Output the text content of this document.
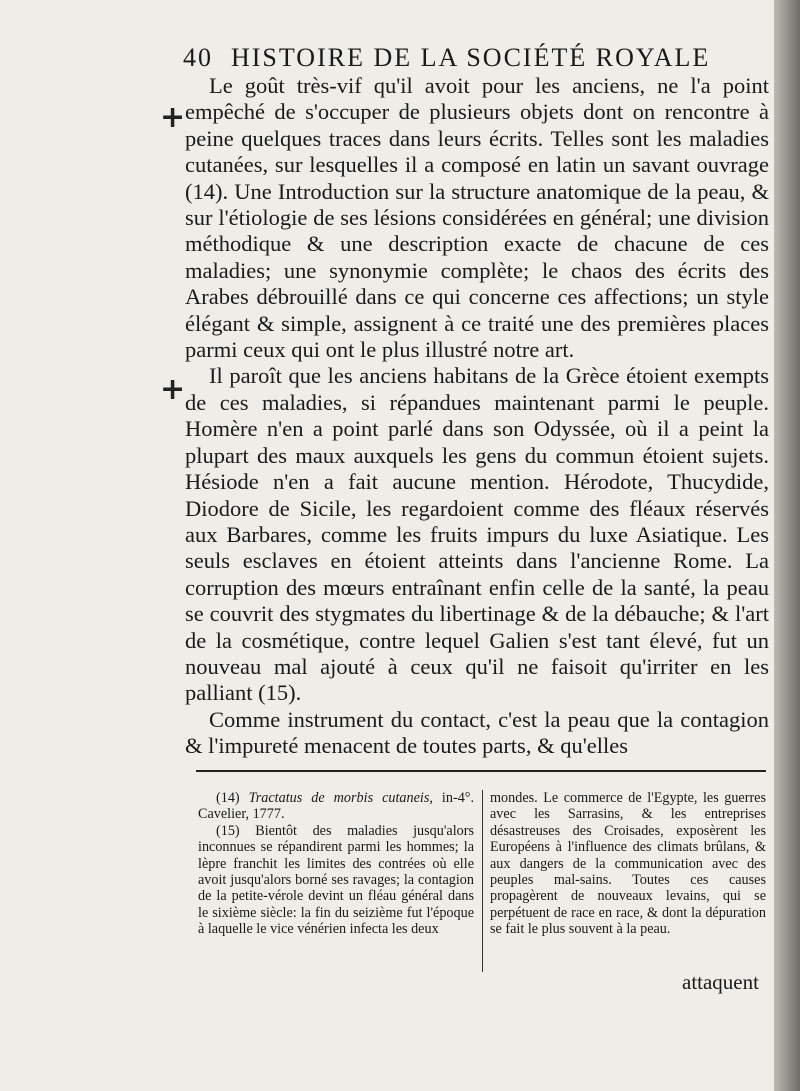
40 HISTOIRE DE LA SOCIÉTÉ ROYALE
+
+

Le goût très-vif qu'il avoit pour les anciens, ne l'a point empêché de s'occuper de plusieurs objets dont on rencontre à peine quelques traces dans leurs écrits. Telles sont les maladies cutanées, sur lesquelles il a composé en latin un savant ouvrage (14). Une Introduction sur la structure anatomique de la peau, & sur l'étiologie de ses lésions considérées en général; une division méthodique & une description exacte de chacune de ces maladies; une synonymie complète; le chaos des écrits des Arabes débrouillé dans ce qui concerne ces affections; un style élégant & simple, assignent à ce traité une des premières places parmi ceux qui ont le plus illustré notre art.

Il paroît que les anciens habitans de la Grèce étoient exempts de ces maladies, si répandues maintenant parmi le peuple. Homère n'en a point parlé dans son Odyssée, où il a peint la plupart des maux auxquels les gens du commun étoient sujets. Hésiode n'en a fait aucune mention. Hérodote, Thucydide, Diodore de Sicile, les regardoient comme des fléaux réservés aux Barbares, comme les fruits impurs du luxe Asiatique. Les seuls esclaves en étoient atteints dans l'ancienne Rome. La corruption des mœurs entraînant enfin celle de la santé, la peau se couvrit des stygmates du libertinage & de la débauche; & l'art de la cosmétique, contre lequel Galien s'est tant élevé, fut un nouveau mal ajouté à ceux qu'il ne faisoit qu'irriter en les palliant (15).

Comme instrument du contact, c'est la peau que la contagion & l'impureté menacent de toutes parts, & qu'elles

(14) Tractatus de morbis cutaneis, in-4°. Cavelier, 1777.

(15) Bientôt des maladies jusqu'alors inconnues se répandirent parmi les hommes; la lèpre franchit les limites des contrées où elle avoit jusqu'alors borné ses ravages; la contagion de la petite-vérole devint un fléau général dans le sixième siècle: la fin du seizième fut l'époque à laquelle le vice vénérien infecta les deux

mondes. Le commerce de l'Egypte, les guerres avec les Sarrasins, & les entreprises désastreuses des Croisades, exposèrent les Européens à l'influence des climats brûlans, & aux dangers de la communication avec des peuples mal-sains. Toutes ces causes propagèrent de nouveaux levains, qui se perpétuent de race en race, & dont la dépuration se fait le plus souvent à la peau.

attaquent
